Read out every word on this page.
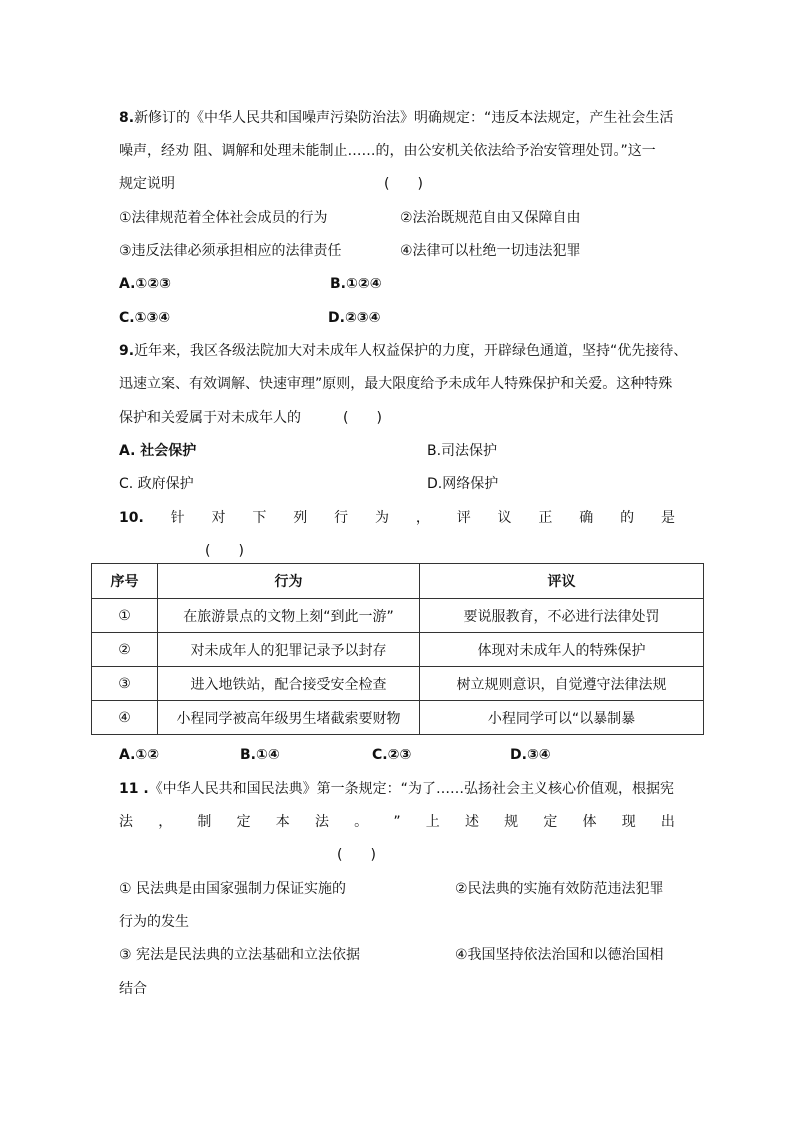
8.新修订的《中华人民共和国噪声污染防治法》明确规定：“违反本法规定，产生社会生活
噪声，经劝 阻、调解和处理未能制止……的，由公安机关依法给予治安管理处罚。”这一
规定说明	(　　)
①法律规范着全体社会成员的行为	②法治既规范自由又保障自由
③违反法律必须承担相应的法律责任	④法律可以杜绝一切违法犯罪
A.①②③	B.①②④
C.①③④	D.②③④
9.近年来，我区各级法院加大对未成年人权益保护的力度，开辟绿色通道，坚持“优先接待、
迅速立案、有效调解、快速审理”原则，最大限度给予未成年人特殊保护和关爱。这种特殊
保护和关爱属于对未成年人的	(　　)
A. 社会保护	B.司法保护
C. 政府保护	D.网络保护
10. 针 对 下 列 行 为 ， 评 议 正 确 的 是
(　　)
序号	行为	评议
①	在旅游景点的文物上刻“到此一游”	要说服教育，不必进行法律处罚
②	对未成年人的犯罪记录予以封存	体现对未成年人的特殊保护
③	进入地铁站，配合接受安全检查	树立规则意识，自觉遵守法律法规
④	小程同学被高年级男生堵截索要财物	小程同学可以“以暴制暴
A.①②	B.①④	C.②③	D.③④
11 .《中华人民共和国民法典》第一条规定：“为了……弘扬社会主义核心价值观，根据宪
法 ， 制 定 本 法 。 ” 上 述 规 定 体 现 出
(　　)
① 民法典是由国家强制力保证实施的	②民法典的实施有效防范违法犯罪
行为的发生
③ 宪法是民法典的立法基础和立法依据	④我国坚持依法治国和以德治国相
结合
